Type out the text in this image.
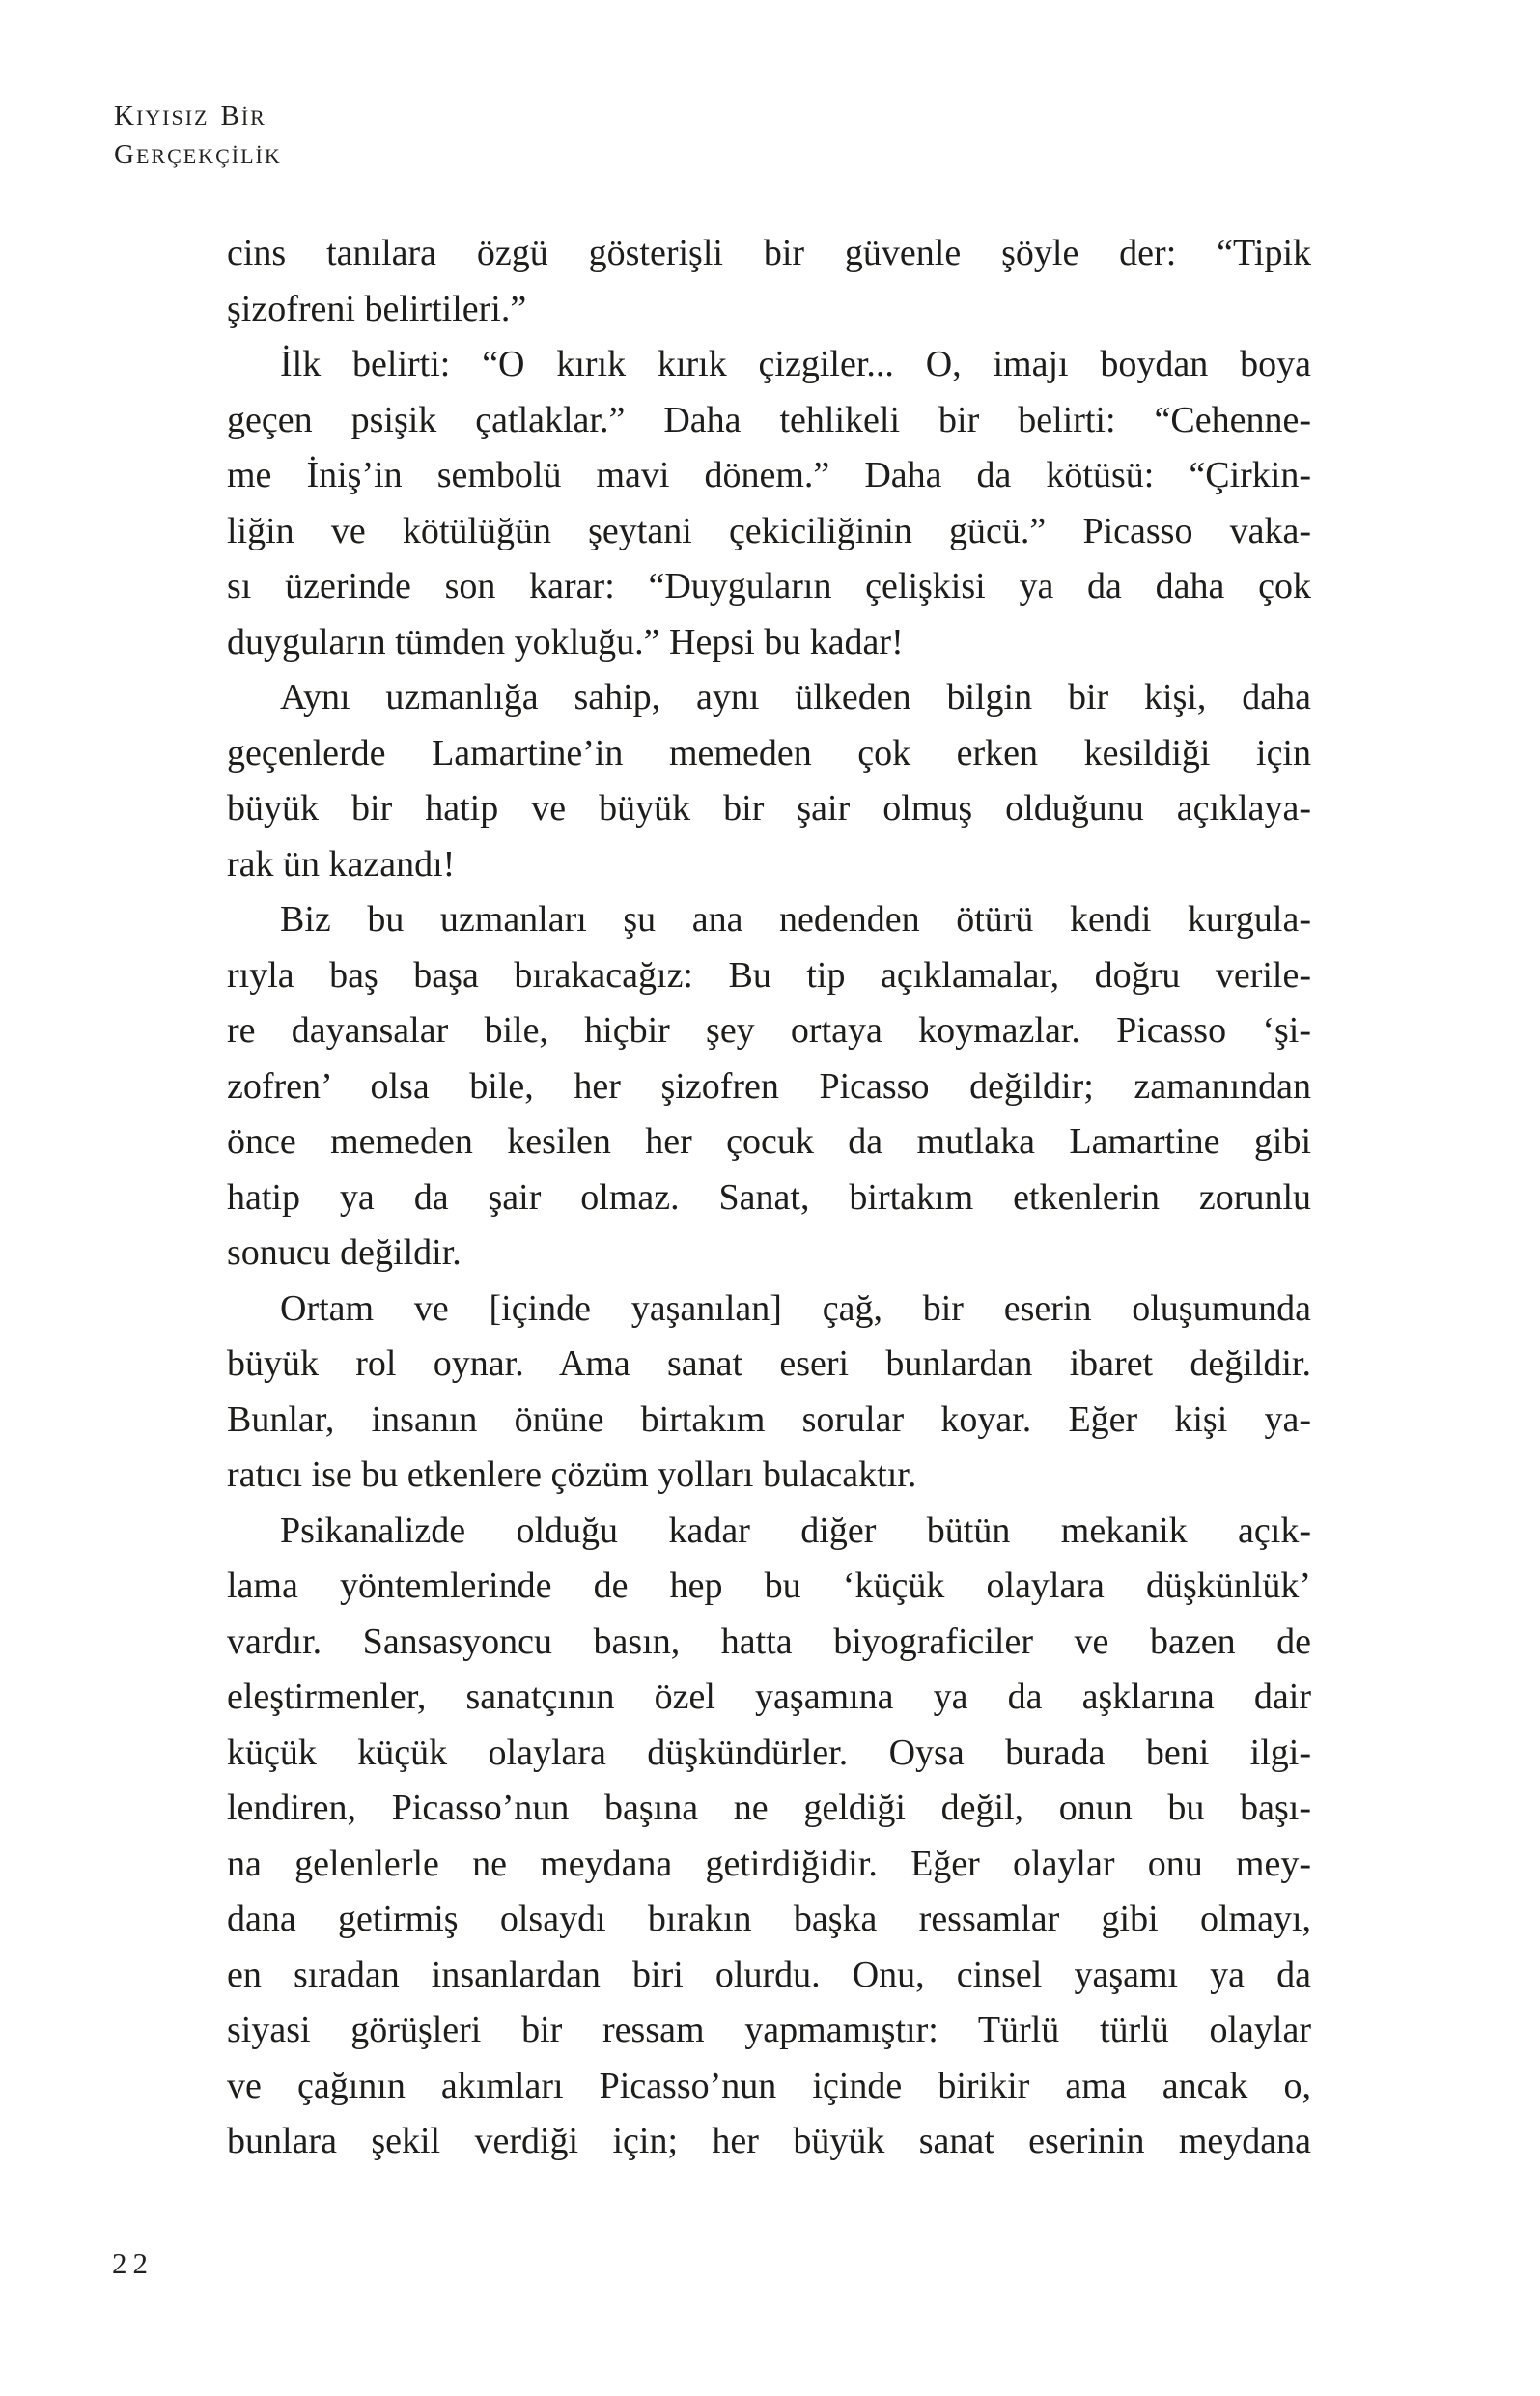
KIYISIZ BİR
GERÇEKÇİLİK
cins tanılara özgü gösterişli bir güvenle şöyle der: “Tipik
şizofreni belirtileri.”
İlk belirti: “O kırık kırık çizgiler... O, imajı boydan boya
geçen psişik çatlaklar.” Daha tehlikeli bir belirti: “Cehenne-
me İniş’in sembolü mavi dönem.” Daha da kötüsü: “Çirkin-
liğin ve kötülüğün şeytani çekiciliğinin gücü.” Picasso vaka-
sı üzerinde son karar: “Duyguların çelişkisi ya da daha çok
duyguların tümden yokluğu.” Hepsi bu kadar!
Aynı uzmanlığa sahip, aynı ülkeden bilgin bir kişi, daha
geçenlerde Lamartine’in memeden çok erken kesildiği için
büyük bir hatip ve büyük bir şair olmuş olduğunu açıklaya-
rak ün kazandı!
Biz bu uzmanları şu ana nedenden ötürü kendi kurgula-
rıyla baş başa bırakacağız: Bu tip açıklamalar, doğru verile-
re dayansalar bile, hiçbir şey ortaya koymazlar. Picasso ‘şi-
zofren’ olsa bile, her şizofren Picasso değildir; zamanından
önce memeden kesilen her çocuk da mutlaka Lamartine gibi
hatip ya da şair olmaz. Sanat, birtakım etkenlerin zorunlu
sonucu değildir.
Ortam ve [içinde yaşanılan] çağ, bir eserin oluşumunda
büyük rol oynar. Ama sanat eseri bunlardan ibaret değildir.
Bunlar, insanın önüne birtakım sorular koyar. Eğer kişi ya-
ratıcı ise bu etkenlere çözüm yolları bulacaktır.
Psikanalizde olduğu kadar diğer bütün mekanik açık-
lama yöntemlerinde de hep bu ‘küçük olaylara düşkünlük’
vardır. Sansasyoncu basın, hatta biyograficiler ve bazen de
eleştirmenler, sanatçının özel yaşamına ya da aşklarına dair
küçük küçük olaylara düşkündürler. Oysa burada beni ilgi-
lendiren, Picasso’nun başına ne geldiği değil, onun bu başı-
na gelenlerle ne meydana getirdiğidir. Eğer olaylar onu mey-
dana getirmiş olsaydı bırakın başka ressamlar gibi olmayı,
en sıradan insanlardan biri olurdu. Onu, cinsel yaşamı ya da
siyasi görüşleri bir ressam yapmamıştır: Türlü türlü olaylar
ve çağının akımları Picasso’nun içinde birikir ama ancak o,
bunlara şekil verdiği için; her büyük sanat eserinin meydana
22
